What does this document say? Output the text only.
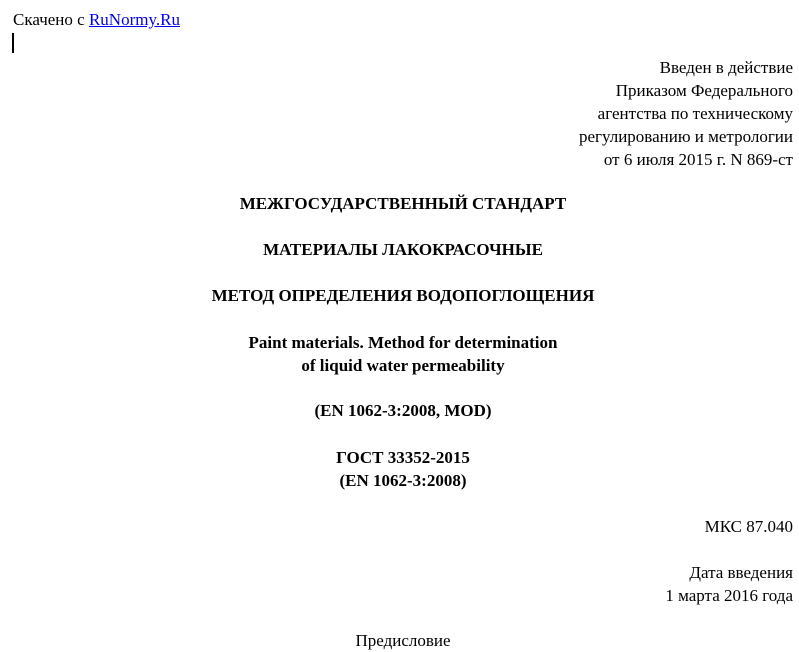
Скачено с RuNormy.Ru
Введен в действие
Приказом Федерального
агентства по техническому
регулированию и метрологии
от 6 июля 2015 г. N 869-ст
МЕЖГОСУДАРСТВЕННЫЙ СТАНДАРТ
МАТЕРИАЛЫ ЛАКОКРАСОЧНЫЕ
МЕТОД ОПРЕДЕЛЕНИЯ ВОДОПОГЛОЩЕНИЯ
Paint materials. Method for determination
of liquid water permeability
(EN 1062-3:2008, MOD)
ГОСТ 33352-2015
(EN 1062-3:2008)
МКС 87.040
Дата введения
1 марта 2016 года
Предисловие
